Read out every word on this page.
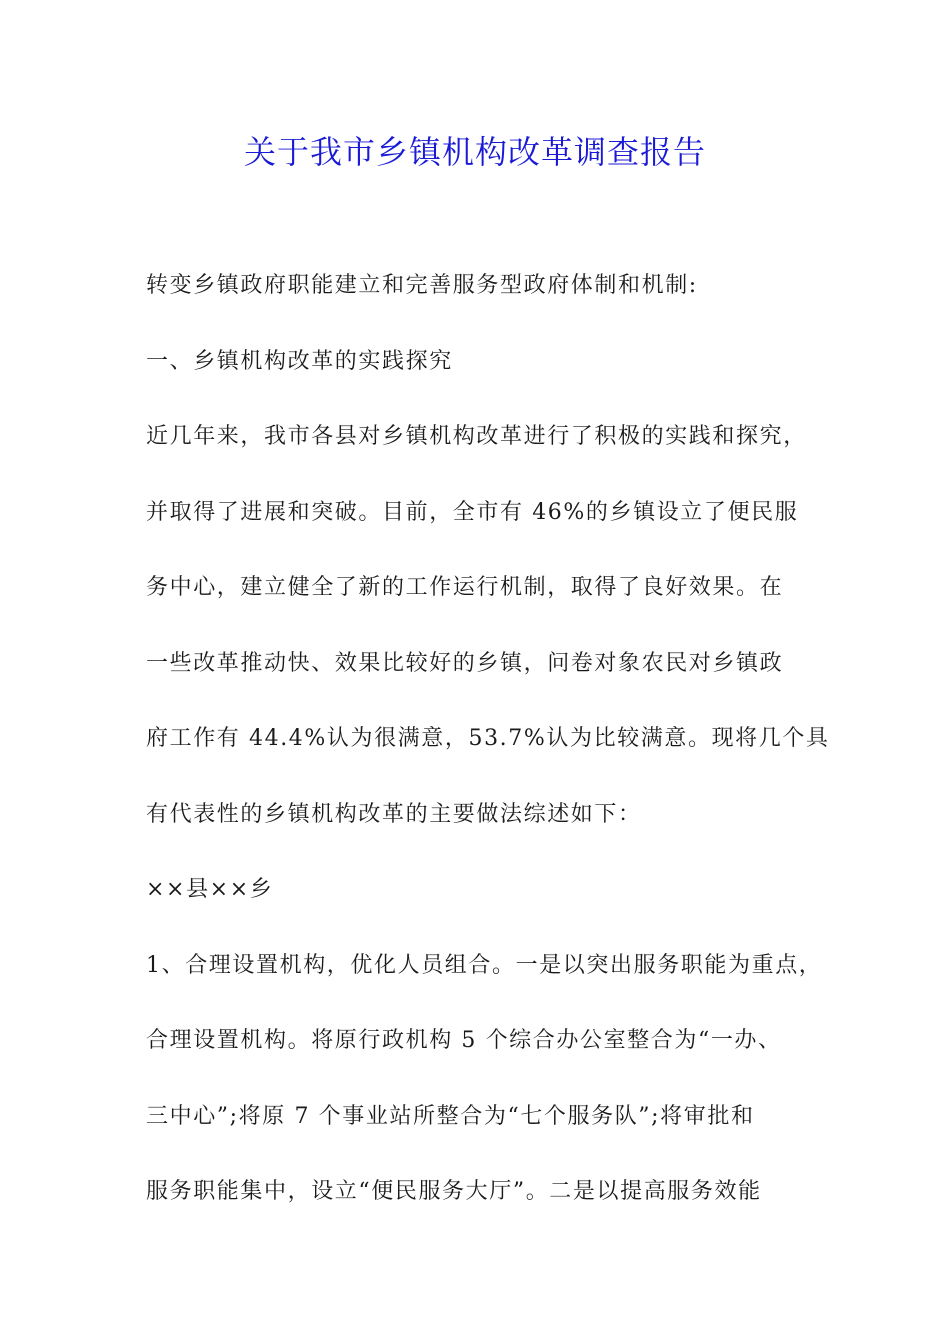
关于我市乡镇机构改革调查报告

转变乡镇政府职能建立和完善服务型政府体制和机制:

一、乡镇机构改革的实践探究

近几年来，我市各县对乡镇机构改革进行了积极的实践和探究，

并取得了进展和突破。目前，全市有 46%的乡镇设立了便民服

务中心，建立健全了新的工作运行机制，取得了良好效果。在

一些改革推动快、效果比较好的乡镇，问卷对象农民对乡镇政

府工作有 44.4%认为很满意，53.7%认为比较满意。现将几个具

有代表性的乡镇机构改革的主要做法综述如下：

××县××乡

1、合理设置机构，优化人员组合。一是以突出服务职能为重点，

合理设置机构。将原行政机构 5 个综合办公室整合为“一办、

三中心”;将原 7 个事业站所整合为“七个服务队”;将审批和

服务职能集中，设立“便民服务大厅”。二是以提高服务效能
